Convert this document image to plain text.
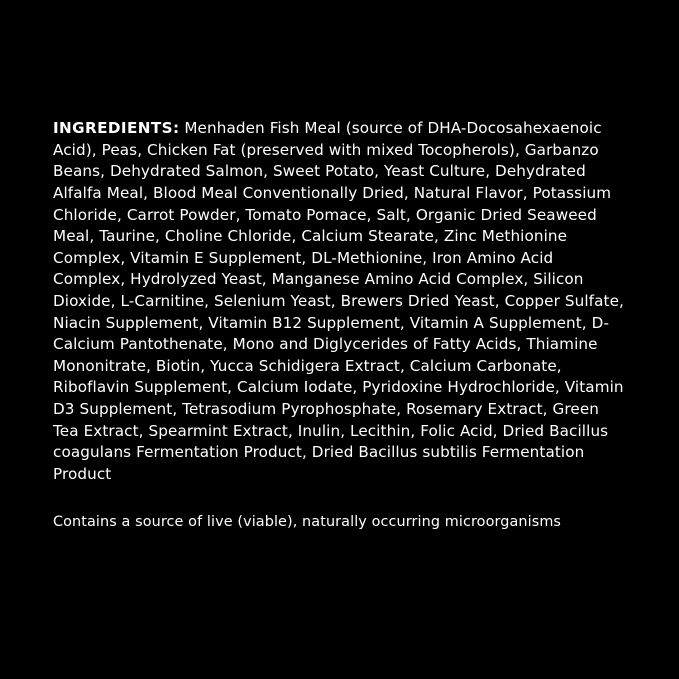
INGREDIENTS: Menhaden Fish Meal (source of DHA-Docosahexaenoic Acid), Peas, Chicken Fat (preserved with mixed Tocopherols), Garbanzo Beans, Dehydrated Salmon, Sweet Potato, Yeast Culture, Dehydrated Alfalfa Meal, Blood Meal Conventionally Dried, Natural Flavor, Potassium Chloride, Carrot Powder, Tomato Pomace, Salt, Organic Dried Seaweed Meal, Taurine, Choline Chloride, Calcium Stearate, Zinc Methionine Complex, Vitamin E Supplement, DL-Methionine, Iron Amino Acid Complex, Hydrolyzed Yeast, Manganese Amino Acid Complex, Silicon Dioxide, L-Carnitine, Selenium Yeast, Brewers Dried Yeast, Copper Sulfate, Niacin Supplement, Vitamin B12 Supplement, Vitamin A Supplement, D-Calcium Pantothenate, Mono and Diglycerides of Fatty Acids, Thiamine Mononitrate, Biotin, Yucca Schidigera Extract, Calcium Carbonate, Riboflavin Supplement, Calcium Iodate, Pyridoxine Hydrochloride, Vitamin D3 Supplement, Tetrasodium Pyrophosphate, Rosemary Extract, Green Tea Extract, Spearmint Extract, Inulin, Lecithin, Folic Acid, Dried Bacillus coagulans Fermentation Product, Dried Bacillus subtilis Fermentation Product

Contains a source of live (viable), naturally occurring microorganisms
